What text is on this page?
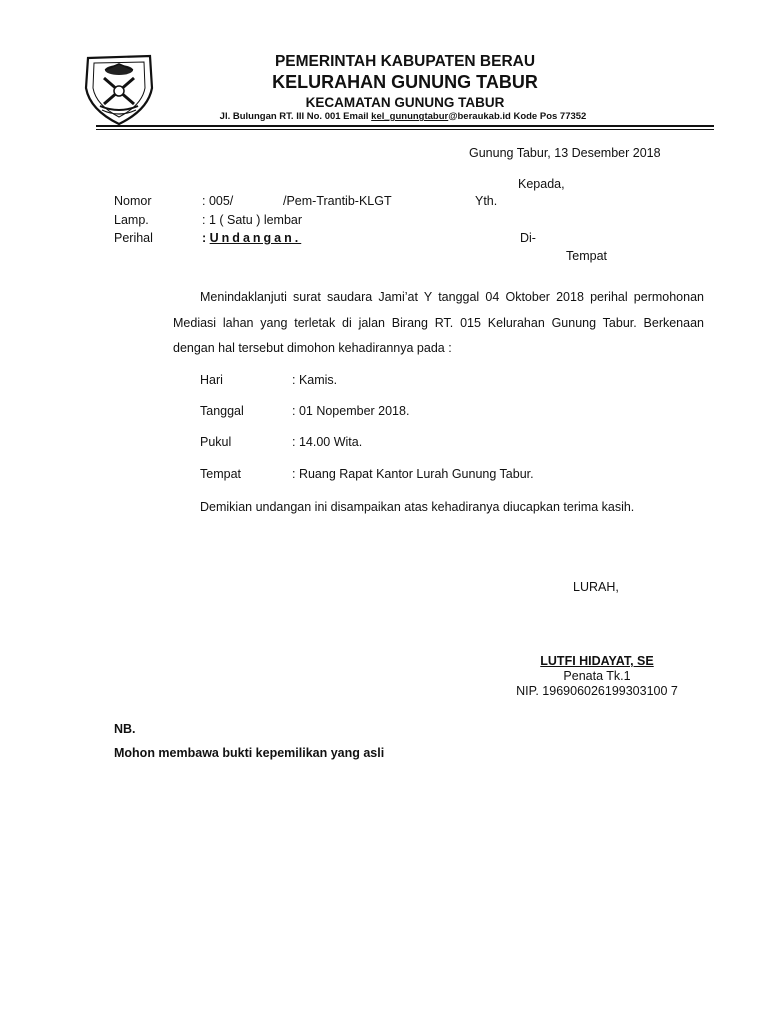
PEMERINTAH KABUPATEN BERAU
KELURAHAN GUNUNG TABUR
KECAMATAN GUNUNG TABUR
Jl. Bulungan RT. III No. 001 Email kel_gunungtabur@beraukab.id Kode Pos 77352
Gunung Tabur, 13 Desember 2018
Kepada,
Yth.
Di-
Tempat
Nomor	: 005/	/Pem-Trantib-KLGT
Lamp.	: 1 ( Satu ) lembar
Perihal	: Undangan.
Menindaklanjuti surat saudara Jami’at Y tanggal 04 Oktober 2018 perihal permohonan Mediasi lahan yang terletak di jalan Birang RT. 015 Kelurahan Gunung Tabur. Berkenaan dengan hal tersebut dimohon kehadirannya pada :
Hari	: Kamis.
Tanggal	: 01 Nopember 2018.
Pukul	: 14.00 Wita.
Tempat	: Ruang Rapat Kantor Lurah Gunung Tabur.
Demikian undangan ini disampaikan atas kehadiranya diucapkan terima kasih.
LURAH,
LUTFI HIDAYAT, SE
Penata Tk.1
NIP. 196906026199303100 7
NB.
Mohon membawa bukti kepemilikan yang asli
